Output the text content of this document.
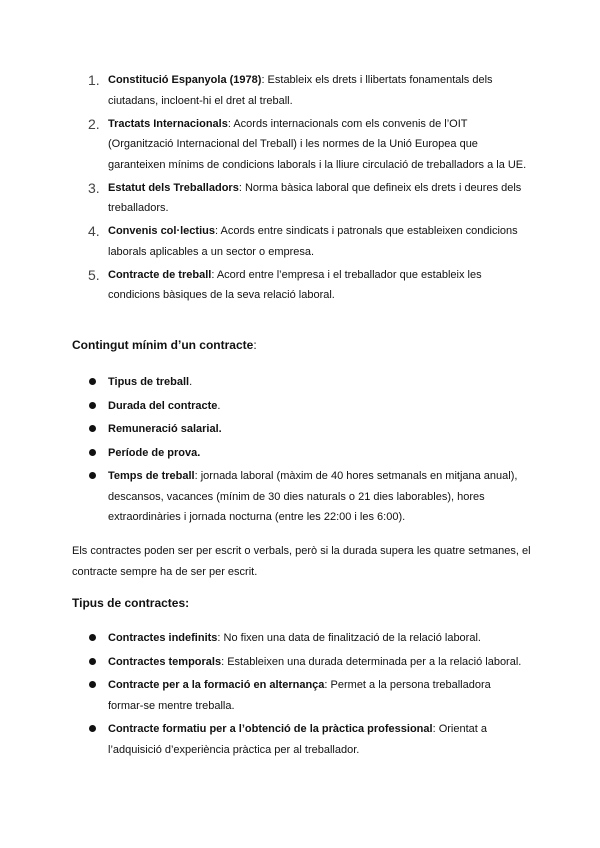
1. Constitució Espanyola (1978): Estableix els drets i llibertats fonamentals dels ciutadans, incloent-hi el dret al treball.
2. Tractats Internacionals: Acords internacionals com els convenis de l’OIT (Organització Internacional del Treball) i les normes de la Unió Europea que garanteixen mínims de condicions laborals i la lliure circulació de treballadors a la UE.
3. Estatut dels Treballadors: Norma bàsica laboral que defineix els drets i deures dels treballadors.
4. Convenis col·lectius: Acords entre sindicats i patronals que estableixen condicions laborals aplicables a un sector o empresa.
5. Contracte de treball: Acord entre l’empresa i el treballador que estableix les condicions bàsiques de la seva relació laboral.
Contingut mínim d’un contracte:
Tipus de treball.
Durada del contracte.
Remuneració salarial.
Període de prova.
Temps de treball: jornada laboral (màxim de 40 hores setmanals en mitjana anual), descansos, vacances (mínim de 30 dies naturals o 21 dies laborables), hores extraordinàries i jornada nocturna (entre les 22:00 i les 6:00).

Els contractes poden ser per escrit o verbals, però si la durada supera les quatre setmanes, el contracte sempre ha de ser per escrit.

Tipus de contractes:
Contractes indefinits: No fixen una data de finalització de la relació laboral.
Contractes temporals: Estableixen una durada determinada per a la relació laboral.
Contracte per a la formació en alternança: Permet a la persona treballadora formar-se mentre treballa.
Contracte formatiu per a l’obtenció de la pràctica professional: Orientat a l’adquisició d’experiència pràctica per al treballador.
